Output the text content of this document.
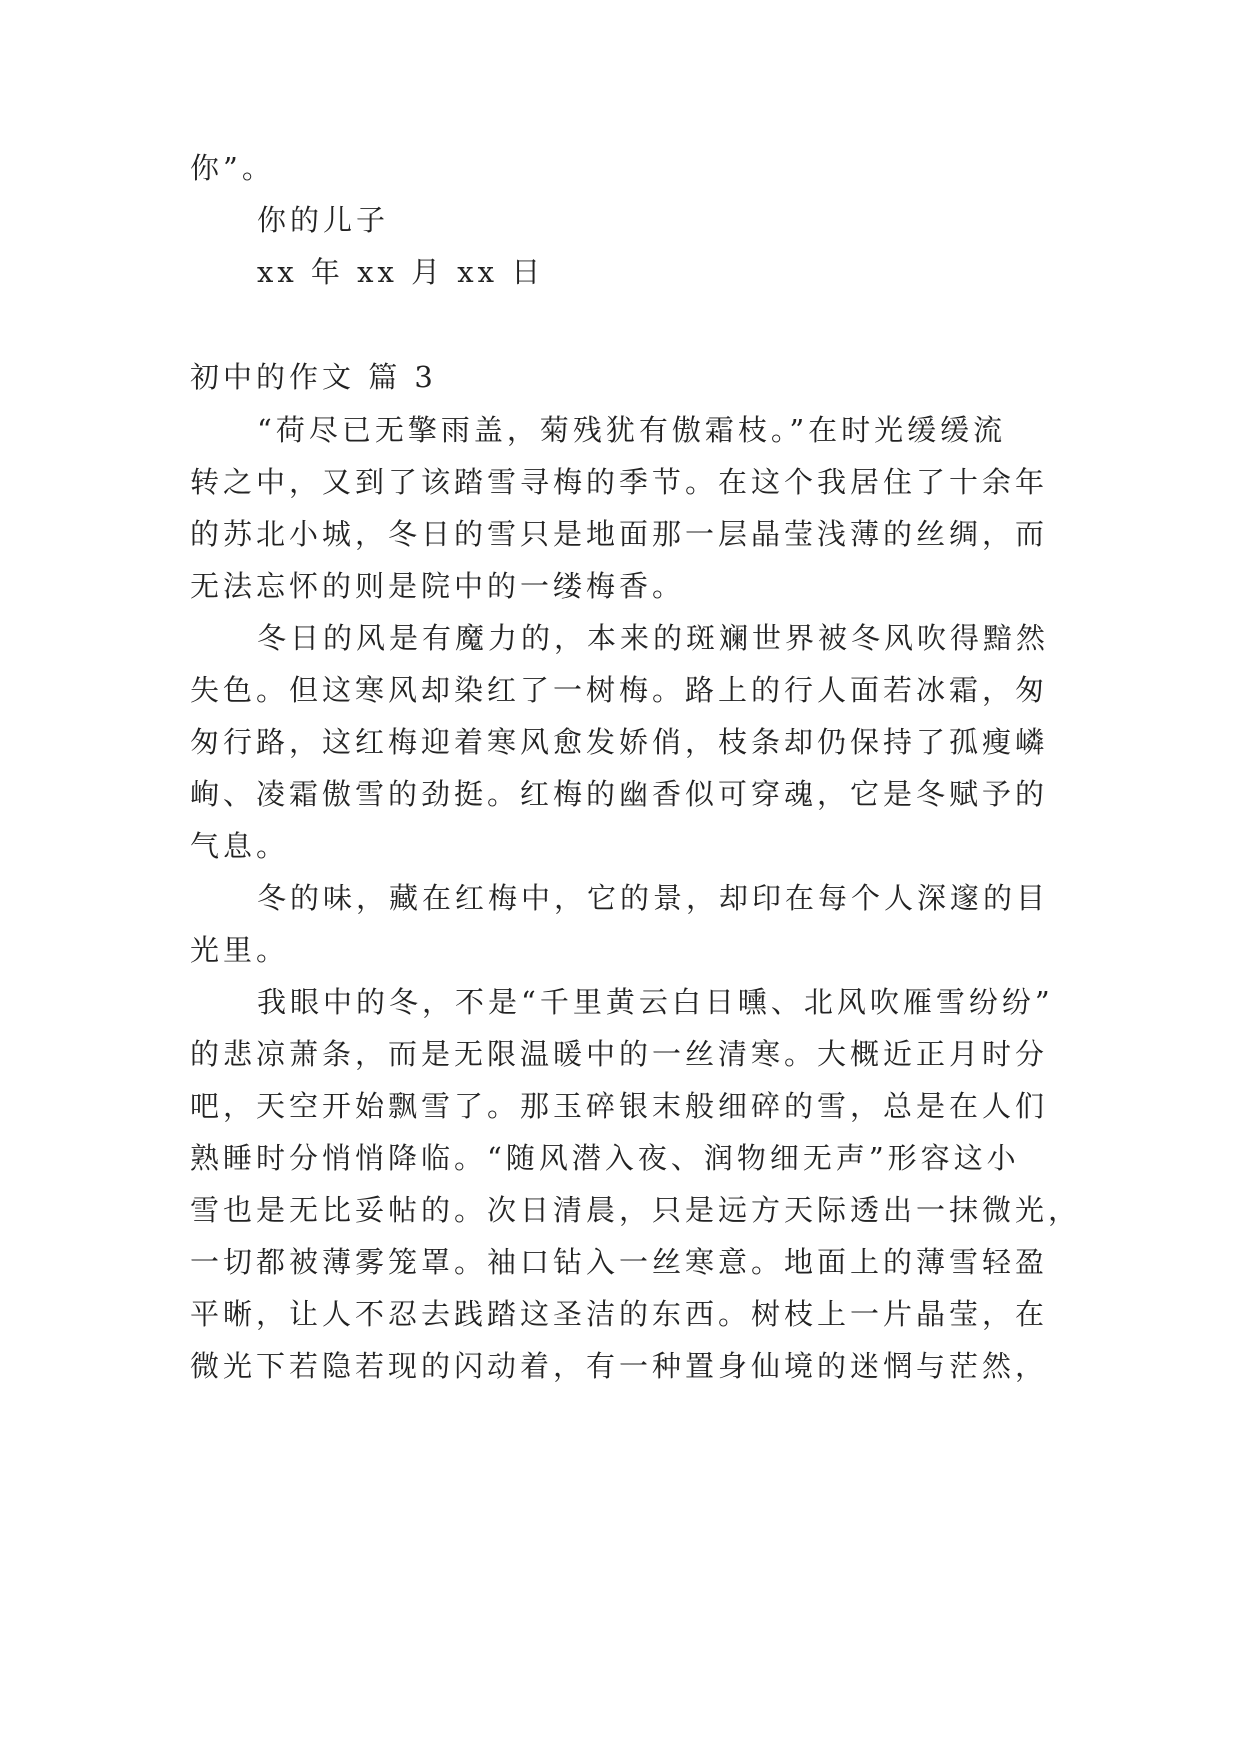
你”。
你的儿子
xx 年 xx 月 xx 日
初中的作文 篇 3
“荷尽已无擎雨盖，菊残犹有傲霜枝。”在时光缓缓流
转之中，又到了该踏雪寻梅的季节。在这个我居住了十余年
的苏北小城，冬日的雪只是地面那一层晶莹浅薄的丝绸，而
无法忘怀的则是院中的一缕梅香。
冬日的风是有魔力的，本来的斑斓世界被冬风吹得黯然
失色。但这寒风却染红了一树梅。路上的行人面若冰霜，匆
匆行路，这红梅迎着寒风愈发娇俏，枝条却仍保持了孤瘦嶙
峋、凌霜傲雪的劲挺。红梅的幽香似可穿魂，它是冬赋予的
气息。
冬的味，藏在红梅中，它的景，却印在每个人深邃的目
光里。
我眼中的冬，不是“千里黄云白日曛、北风吹雁雪纷纷”
的悲凉萧条，而是无限温暖中的一丝清寒。大概近正月时分
吧，天空开始飘雪了。那玉碎银末般细碎的雪，总是在人们
熟睡时分悄悄降临。“随风潜入夜、润物细无声”形容这小
雪也是无比妥帖的。次日清晨，只是远方天际透出一抹微光，
一切都被薄雾笼罩。袖口钻入一丝寒意。地面上的薄雪轻盈
平晰，让人不忍去践踏这圣洁的东西。树枝上一片晶莹，在
微光下若隐若现的闪动着，有一种置身仙境的迷惘与茫然，
